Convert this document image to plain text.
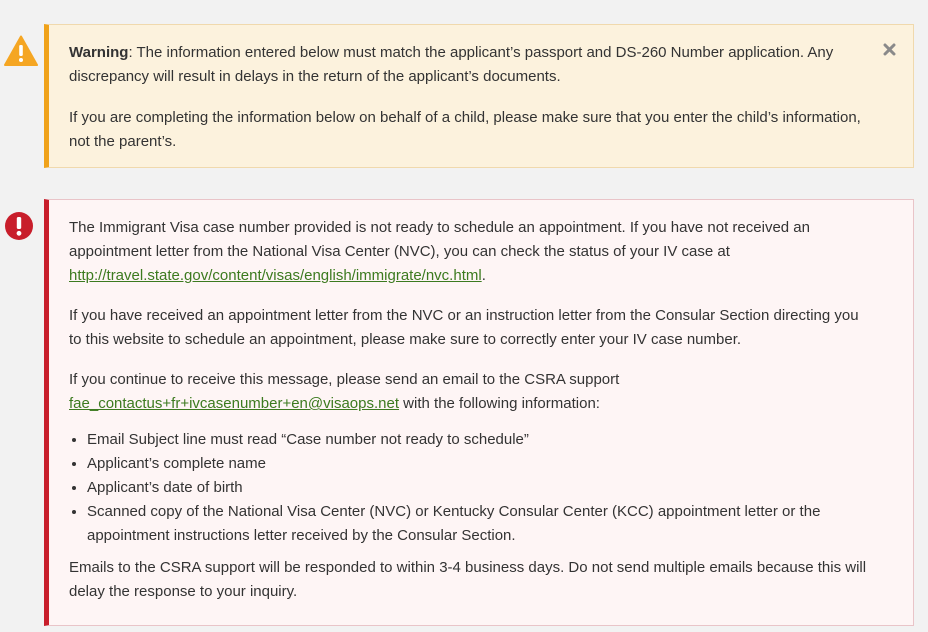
Warning: The information entered below must match the applicant’s passport and DS-260 Number application. Any discrepancy will result in delays in the return of the applicant’s documents.

If you are completing the information below on behalf of a child, please make sure that you enter the child’s information, not the parent’s.

The Immigrant Visa case number provided is not ready to schedule an appointment. If you have not received an appointment letter from the National Visa Center (NVC), you can check the status of your IV case at http://travel.state.gov/content/visas/english/immigrate/nvc.html.

If you have received an appointment letter from the NVC or an instruction letter from the Consular Section directing you to this website to schedule an appointment, please make sure to correctly enter your IV case number.

If you continue to receive this message, please send an email to the CSRA support fae_contactus+fr+ivcasenumber+en@visaops.net with the following information:

• Email Subject line must read “Case number not ready to schedule”
• Applicant’s complete name
• Applicant’s date of birth
• Scanned copy of the National Visa Center (NVC) or Kentucky Consular Center (KCC) appointment letter or the appointment instructions letter received by the Consular Section.

Emails to the CSRA support will be responded to within 3-4 business days. Do not send multiple emails because this will delay the response to your inquiry.
